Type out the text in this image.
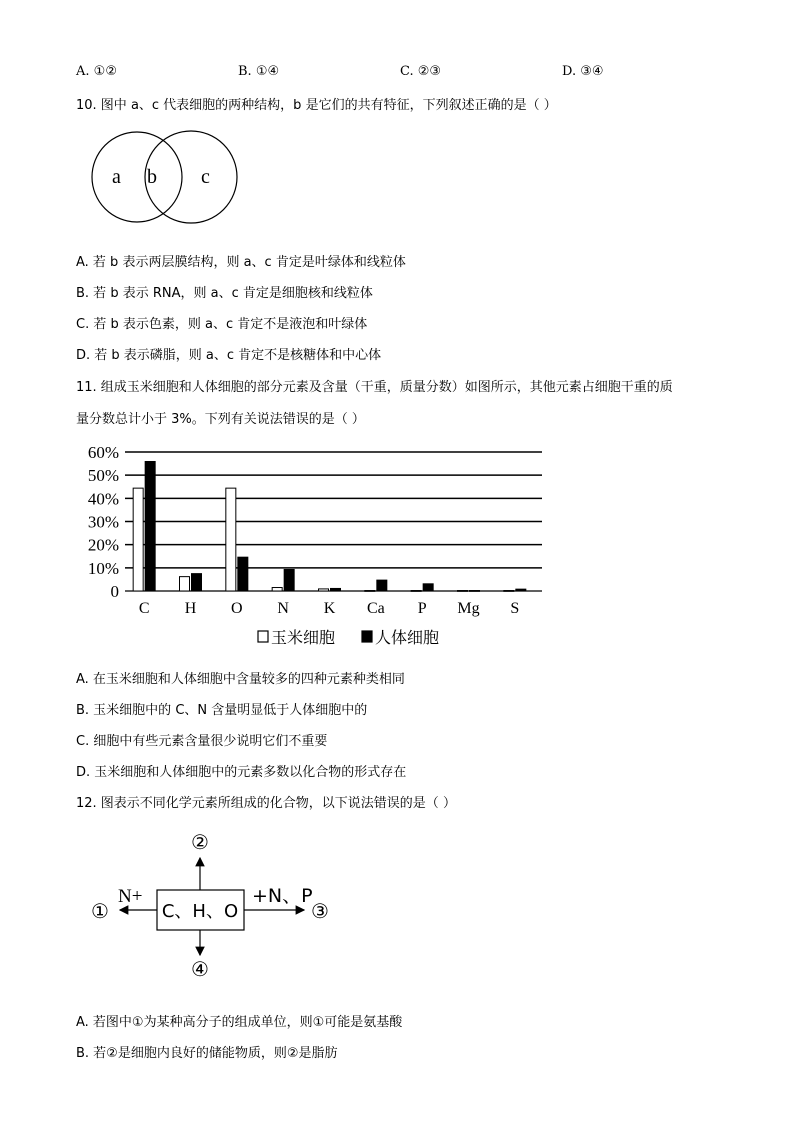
A. ①②	B. ①④	C. ②③	D. ③④
10. 图中 a、c 代表细胞的两种结构，b 是它们的共有特征，下列叙述正确的是（ ）
a b c
A. 若 b 表示两层膜结构，则 a、c 肯定是叶绿体和线粒体
B. 若 b 表示 RNA，则 a、c 肯定是细胞核和线粒体
C. 若 b 表示色素，则 a、c 肯定不是液泡和叶绿体
D. 若 b 表示磷脂，则 a、c 肯定不是核糖体和中心体
11. 组成玉米细胞和人体细胞的部分元素及含量（干重，质量分数）如图所示，其他元素占细胞干重的质
量分数总计小于 3%。下列有关说法错误的是（ ）
0
10%
20%
30%
40%
50%
60%
C H O N K Ca P Mg S
玉米细胞 人体细胞
A. 在玉米细胞和人体细胞中含量较多的四种元素种类相同
B. 玉米细胞中的 C、N 含量明显低于人体细胞中的
C. 细胞中有些元素含量很少说明它们不重要
D. 玉米细胞和人体细胞中的元素多数以化合物的形式存在
12. 图表示不同化学元素所组成的化合物，以下说法错误的是（ ）
C、H、O
②
④
①	③
N+	+N、P
A. 若图中①为某种高分子的组成单位，则①可能是氨基酸
B. 若②是细胞内良好的储能物质，则②是脂肪
